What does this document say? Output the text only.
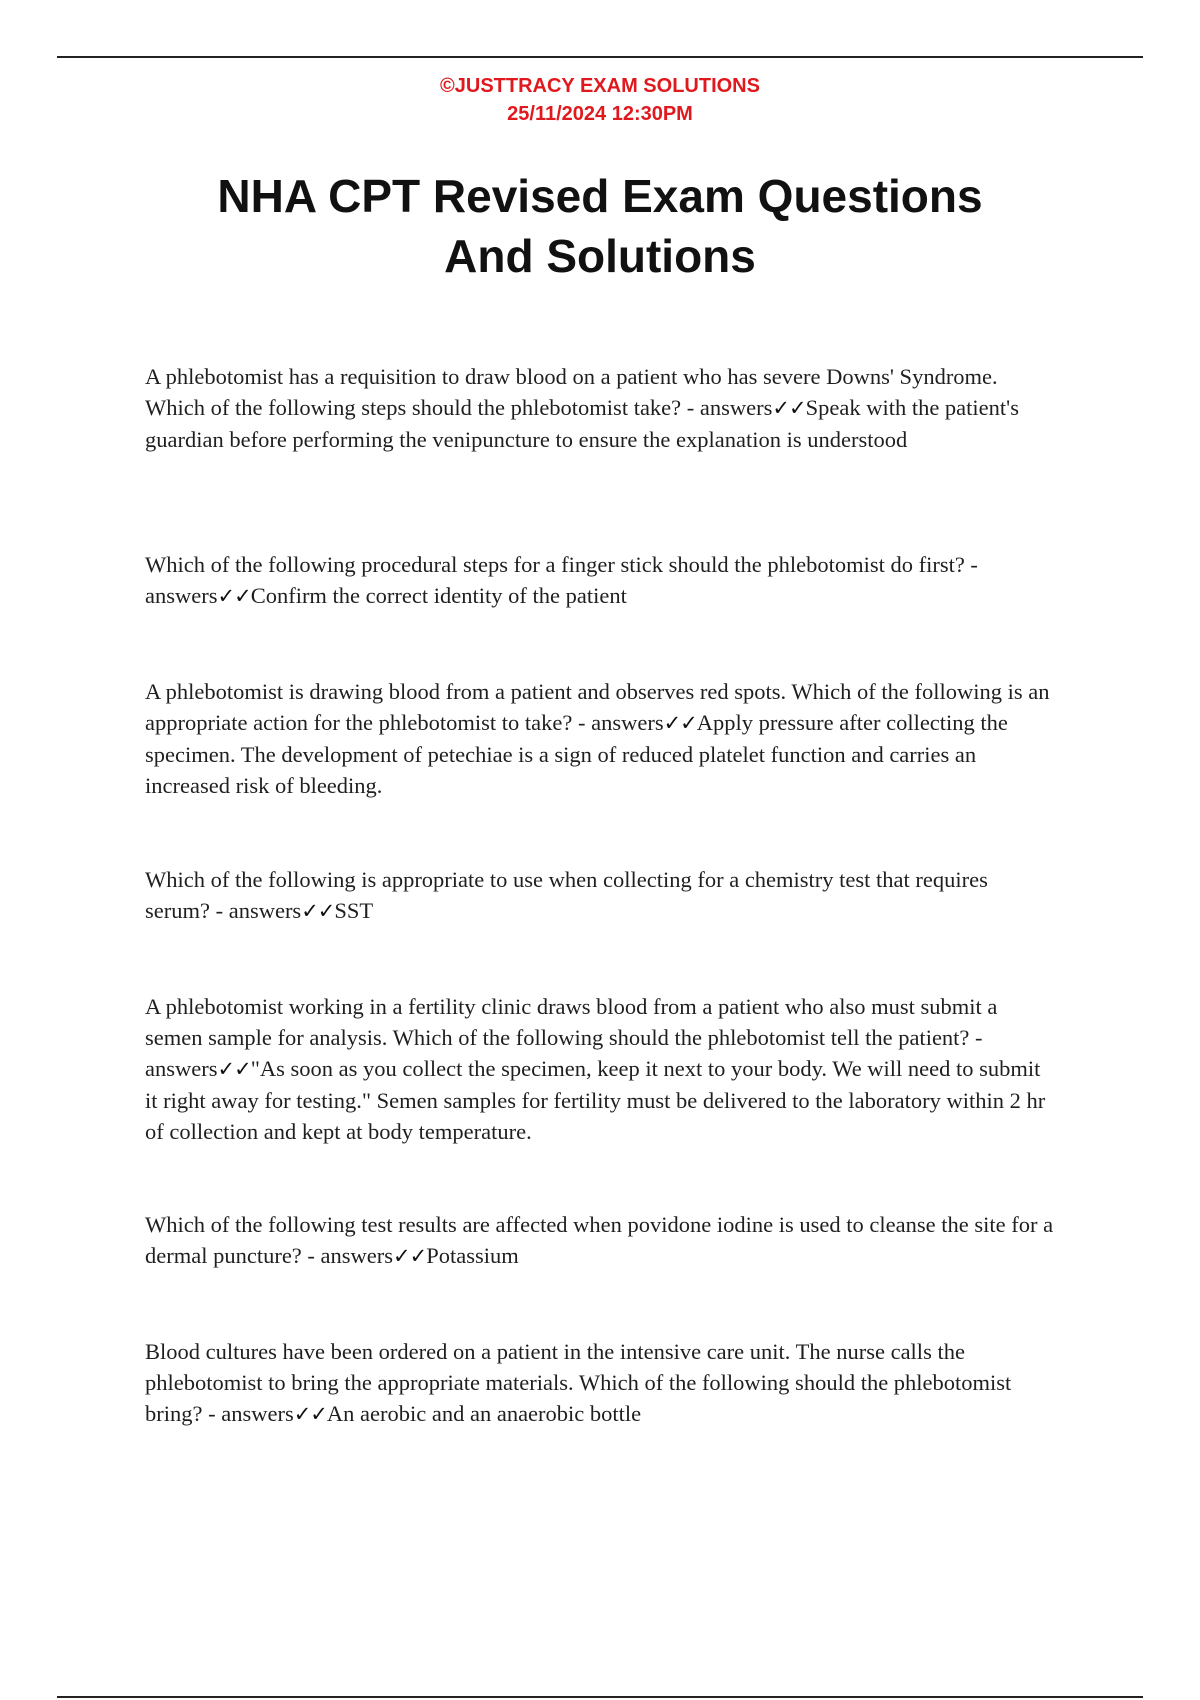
©JUSTTRACY EXAM SOLUTIONS
25/11/2024 12:30PM
NHA CPT Revised Exam Questions
And Solutions

A phlebotomist has a requisition to draw blood on a patient who has severe Downs' Syndrome. Which of the following steps should the phlebotomist take? - answers✓✓Speak with the patient's guardian before performing the venipuncture to ensure the explanation is understood

Which of the following procedural steps for a finger stick should the phlebotomist do first? - answers✓✓Confirm the correct identity of the patient

A phlebotomist is drawing blood from a patient and observes red spots. Which of the following is an appropriate action for the phlebotomist to take? - answers✓✓Apply pressure after collecting the specimen. The development of petechiae is a sign of reduced platelet function and carries an increased risk of bleeding.

Which of the following is appropriate to use when collecting for a chemistry test that requires serum? - answers✓✓SST

A phlebotomist working in a fertility clinic draws blood from a patient who also must submit a semen sample for analysis. Which of the following should the phlebotomist tell the patient? - answers✓✓"As soon as you collect the specimen, keep it next to your body. We will need to submit it right away for testing." Semen samples for fertility must be delivered to the laboratory within 2 hr of collection and kept at body temperature.

Which of the following test results are affected when povidone iodine is used to cleanse the site for a dermal puncture? - answers✓✓Potassium

Blood cultures have been ordered on a patient in the intensive care unit. The nurse calls the phlebotomist to bring the appropriate materials. Which of the following should the phlebotomist bring? - answers✓✓An aerobic and an anaerobic bottle
